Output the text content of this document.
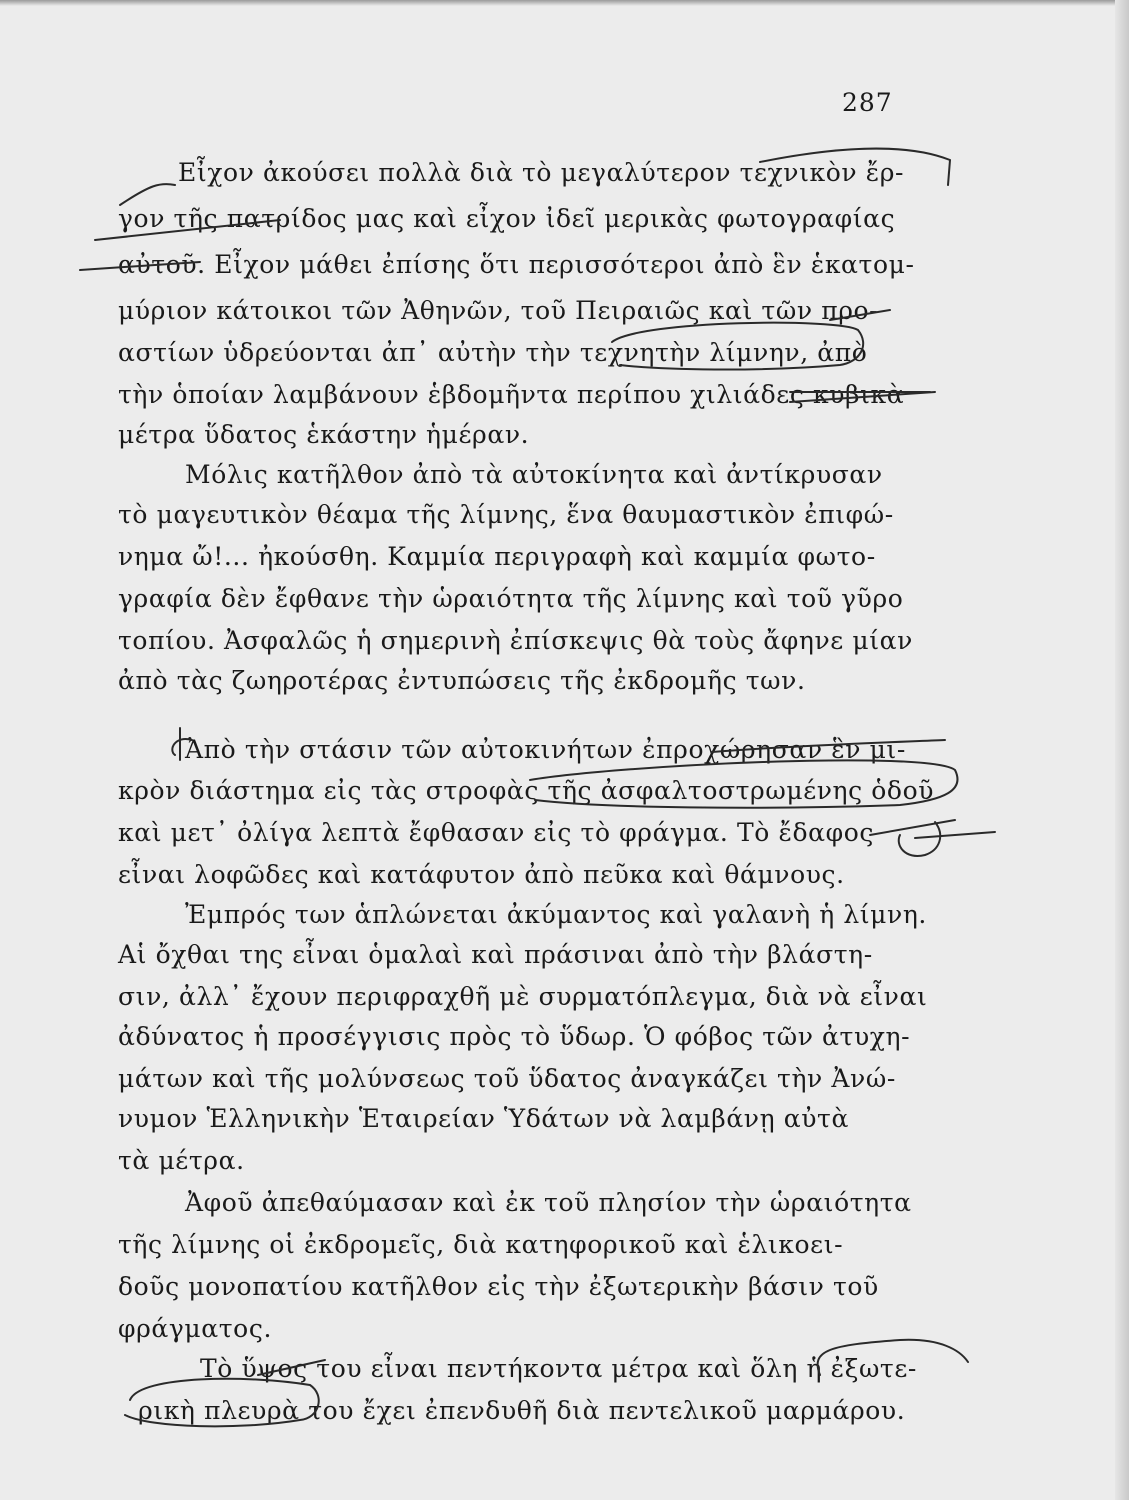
287
Εἶχον ἀκούσει πολλὰ διὰ τὸ μεγαλύτερον τεχνικὸν ἔρ-
γον τῆς πατρίδος μας καὶ εἶχον ἰδεῖ μερικὰς φωτογραφίας
αὐτοῦ. Εἶχον μάθει ἐπίσης ὅτι περισσότεροι ἀπὸ ἓν ἑκατομ-
μύριον κάτοικοι τῶν Ἀθηνῶν, τοῦ Πειραιῶς καὶ τῶν προ-
αστίων ὑδρεύονται ἀπ᾽ αὐτὴν τὴν τεχνητὴν λίμνην, ἀπὸ
τὴν ὁποίαν λαμβάνουν ἑβδομῆντα περίπου χιλιάδες κυβικὰ
μέτρα ὕδατος ἑκάστην ἡμέραν.
Μόλις κατῆλθον ἀπὸ τὰ αὐτοκίνητα καὶ ἀντίκρυσαν
τὸ μαγευτικὸν θέαμα τῆς λίμνης, ἕνα θαυμαστικὸν ἐπιφώ-
νημα ὤ!... ἠκούσθη. Καμμία περιγραφὴ καὶ καμμία φωτο-
γραφία δὲν ἔφθανε τὴν ὡραιότητα τῆς λίμνης καὶ τοῦ γῦρο
τοπίου. Ἀσφαλῶς ἡ σημερινὴ ἐπίσκεψις θὰ τοὺς ἄφηνε μίαν
ἀπὸ τὰς ζωηροτέρας ἐντυπώσεις τῆς ἐκδρομῆς των.
Ἀπὸ τὴν στάσιν τῶν αὐτοκινήτων ἐπροχώρησαν ἓν μι-
κρὸν διάστημα εἰς τὰς στροφὰς τῆς ἀσφαλτοστρωμένης ὁδοῦ
καὶ μετ᾽ ὀλίγα λεπτὰ ἔφθασαν εἰς τὸ φράγμα. Τὸ ἔδαφος
εἶναι λοφῶδες καὶ κατάφυτον ἀπὸ πεῦκα καὶ θάμνους.
Ἐμπρός των ἁπλώνεται ἀκύμαντος καὶ γαλανὴ ἡ λίμνη.
Αἱ ὄχθαι της εἶναι ὁμαλαὶ καὶ πράσιναι ἀπὸ τὴν βλάστη-
σιν, ἀλλ᾽ ἔχουν περιφραχθῆ μὲ συρματόπλεγμα, διὰ νὰ εἶναι
ἀδύνατος ἡ προσέγγισις πρὸς τὸ ὕδωρ. Ὁ φόβος τῶν ἀτυχη-
μάτων καὶ τῆς μολύνσεως τοῦ ὕδατος ἀναγκάζει τὴν Ἀνώ-
νυμον Ἑλληνικὴν Ἑταιρείαν Ὑδάτων νὰ λαμβάνῃ αὐτὰ
τὰ μέτρα.
Ἀφοῦ ἀπεθαύμασαν καὶ ἐκ τοῦ πλησίον τὴν ὡραιότητα
τῆς λίμνης οἱ ἐκδρομεῖς, διὰ κατηφορικοῦ καὶ ἑλικοει-
δοῦς μονοπατίου κατῆλθον εἰς τὴν ἐξωτερικὴν βάσιν τοῦ
φράγματος.
Τὸ ὕψος του εἶναι πεντήκοντα μέτρα καὶ ὅλη ἡ ἐξωτε-
ρικὴ πλευρὰ του ἔχει ἐπενδυθῆ διὰ πεντελικοῦ μαρμάρου.
